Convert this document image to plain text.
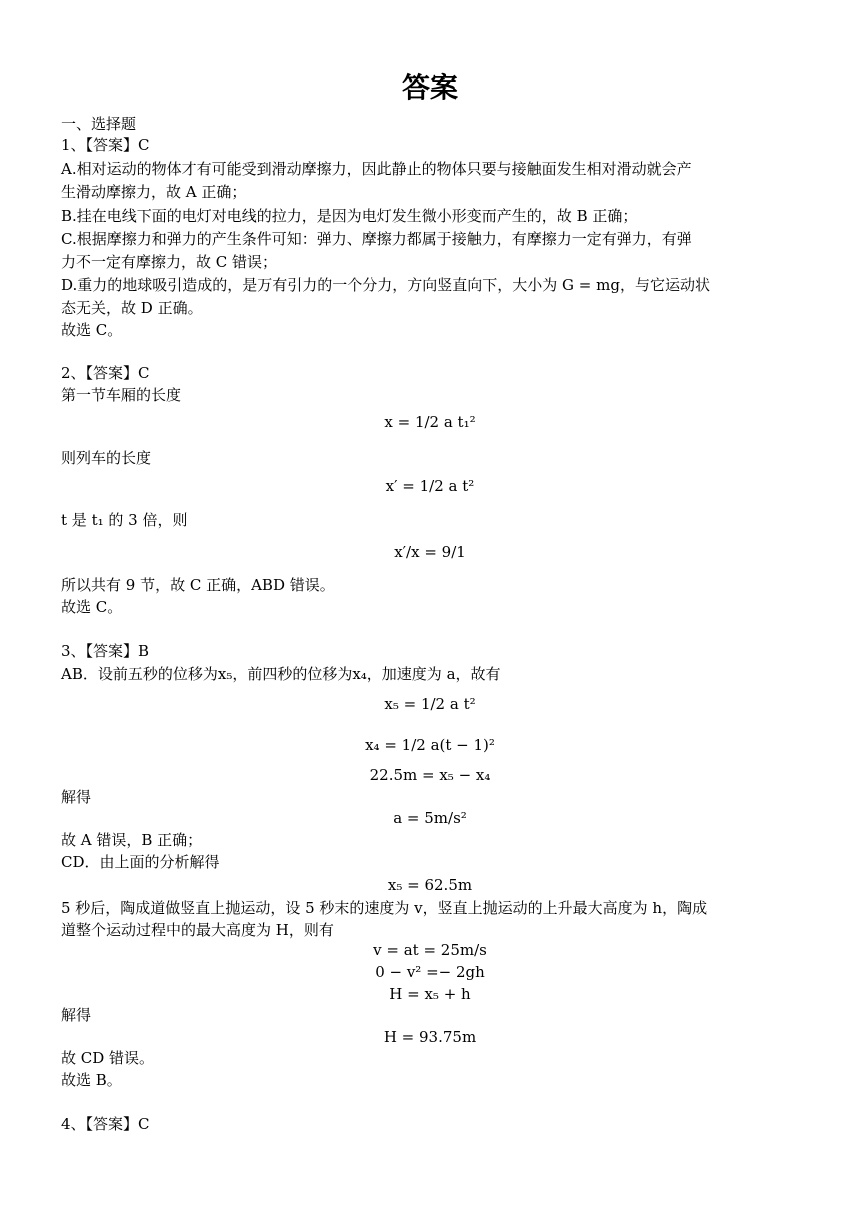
答案
一、选择题
1、【答案】C
A.相对运动的物体才有可能受到滑动摩擦力，因此静止的物体只要与接触面发生相对滑动就会产
生滑动摩擦力，故 A 正确；
B.挂在电线下面的电灯对电线的拉力，是因为电灯发生微小形变而产生的，故 B 正确；
C.根据摩擦力和弹力的产生条件可知：弹力、摩擦力都属于接触力，有摩擦力一定有弹力，有弹
力不一定有摩擦力，故 C 错误；
D.重力的地球吸引造成的，是万有引力的一个分力，方向竖直向下，大小为 G = mg，与它运动状
态无关，故 D 正确。
故选 C。
2、【答案】C
第一节车厢的长度
x = 1/2 a t₁²
则列车的长度
x′ = 1/2 a t²
t 是 t₁ 的 3 倍，则
x′/x = 9/1
所以共有 9 节，故 C 正确，ABD 错误。
故选 C。
3、【答案】B
AB．设前五秒的位移为x₅，前四秒的位移为x₄，加速度为 a，故有
x₅ = 1/2 a t²
x₄ = 1/2 a(t − 1)²
22.5m = x₅ − x₄
解得
a = 5m/s²
故 A 错误，B 正确；
CD．由上面的分析解得
x₅ = 62.5m
5 秒后，陶成道做竖直上抛运动，设 5 秒末的速度为 v，竖直上抛运动的上升最大高度为 h，陶成
道整个运动过程中的最大高度为 H，则有
v = at = 25m/s
0 − v² =− 2gh
H = x₅ + h
解得
H = 93.75m
故 CD 错误。
故选 B。
4、【答案】C
